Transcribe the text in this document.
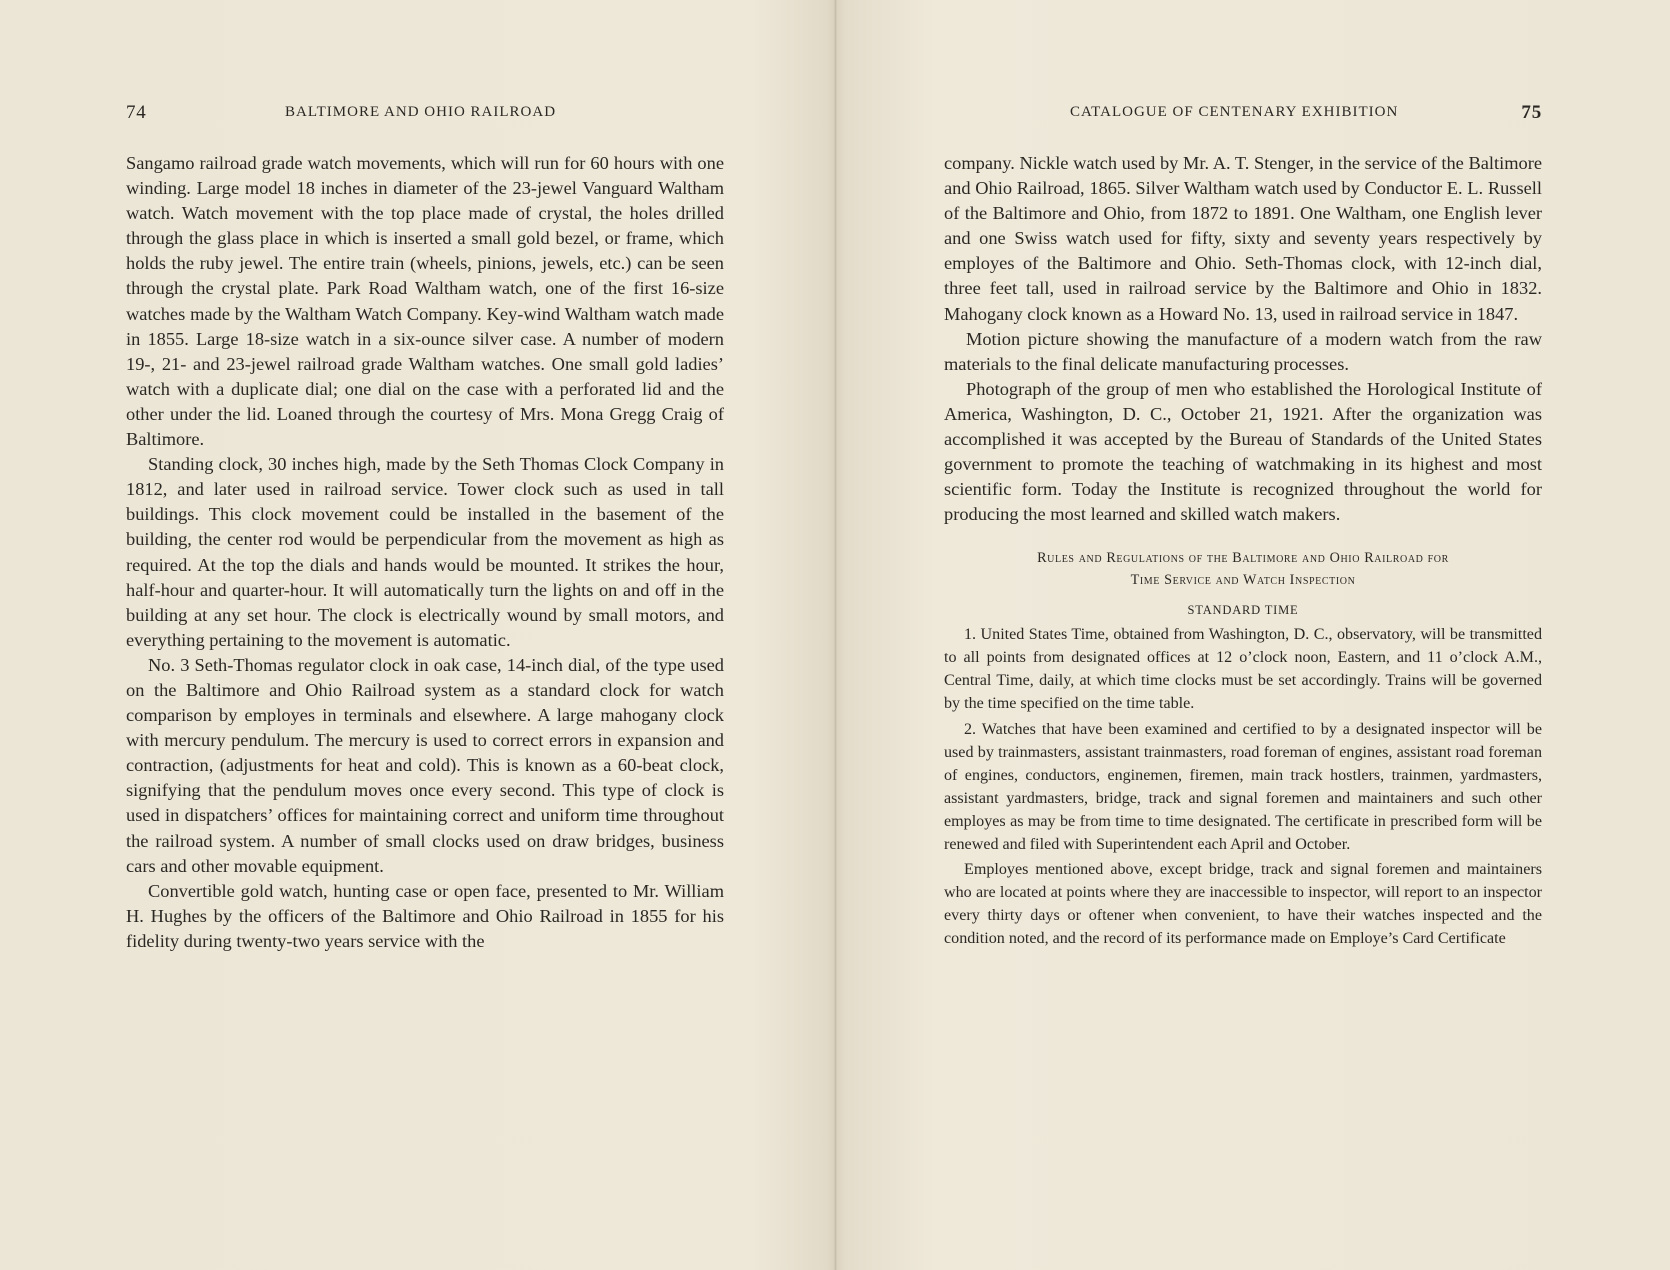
74	BALTIMORE AND OHIO RAILROAD

Sangamo railroad grade watch movements, which will run for 60 hours with one winding. Large model 18 inches in diameter of the 23-jewel Vanguard Waltham watch. Watch movement with the top place made of crystal, the holes drilled through the glass place in which is inserted a small gold bezel, or frame, which holds the ruby jewel. The entire train (wheels, pinions, jewels, etc.) can be seen through the crystal plate. Park Road Waltham watch, one of the first 16-size watches made by the Waltham Watch Company. Key-wind Waltham watch made in 1855. Large 18-size watch in a six-ounce silver case. A number of modern 19-, 21- and 23-jewel railroad grade Waltham watches. One small gold ladies’ watch with a duplicate dial; one dial on the case with a perforated lid and the other under the lid. Loaned through the courtesy of Mrs. Mona Gregg Craig of Baltimore.

Standing clock, 30 inches high, made by the Seth Thomas Clock Company in 1812, and later used in railroad service. Tower clock such as used in tall buildings. This clock movement could be installed in the basement of the building, the center rod would be perpendicular from the movement as high as required. At the top the dials and hands would be mounted. It strikes the hour, half-hour and quarter-hour. It will automatically turn the lights on and off in the building at any set hour. The clock is electrically wound by small motors, and everything pertaining to the movement is automatic.

No. 3 Seth-Thomas regulator clock in oak case, 14-inch dial, of the type used on the Baltimore and Ohio Railroad system as a standard clock for watch comparison by employes in terminals and elsewhere. A large mahogany clock with mercury pendulum. The mercury is used to correct errors in expansion and contraction, (adjustments for heat and cold). This is known as a 60-beat clock, signifying that the pendulum moves once every second. This type of clock is used in dispatchers’ offices for maintaining correct and uniform time throughout the railroad system. A number of small clocks used on draw bridges, business cars and other movable equipment.

Convertible gold watch, hunting case or open face, presented to Mr. William H. Hughes by the officers of the Baltimore and Ohio Railroad in 1855 for his fidelity during twenty-two years service with the

CATALOGUE OF CENTENARY EXHIBITION	75

company. Nickle watch used by Mr. A. T. Stenger, in the service of the Baltimore and Ohio Railroad, 1865. Silver Waltham watch used by Conductor E. L. Russell of the Baltimore and Ohio, from 1872 to 1891. One Waltham, one English lever and one Swiss watch used for fifty, sixty and seventy years respectively by employes of the Baltimore and Ohio. Seth-Thomas clock, with 12-inch dial, three feet tall, used in railroad service by the Baltimore and Ohio in 1832. Mahogany clock known as a Howard No. 13, used in railroad service in 1847.

Motion picture showing the manufacture of a modern watch from the raw materials to the final delicate manufacturing processes.

Photograph of the group of men who established the Horological Institute of America, Washington, D. C., October 21, 1921. After the organization was accomplished it was accepted by the Bureau of Standards of the United States government to promote the teaching of watchmaking in its highest and most scientific form. Today the Institute is recognized throughout the world for producing the most learned and skilled watch makers.

Rules and Regulations of the Baltimore and Ohio Railroad for
Time Service and Watch Inspection
STANDARD TIME

1. United States Time, obtained from Washington, D. C., observatory, will be transmitted to all points from designated offices at 12 o’clock noon, Eastern, and 11 o’clock A.M., Central Time, daily, at which time clocks must be set accordingly. Trains will be governed by the time specified on the time table.

2. Watches that have been examined and certified to by a designated inspector will be used by trainmasters, assistant trainmasters, road foreman of engines, assistant road foreman of engines, conductors, enginemen, firemen, main track hostlers, trainmen, yardmasters, assistant yardmasters, bridge, track and signal foremen and maintainers and such other employes as may be from time to time designated. The certificate in prescribed form will be renewed and filed with Superintendent each April and October.

Employes mentioned above, except bridge, track and signal foremen and maintainers who are located at points where they are inaccessible to inspector, will report to an inspector every thirty days or oftener when convenient, to have their watches inspected and the condition noted, and the record of its performance made on Employe’s Card Certificate
